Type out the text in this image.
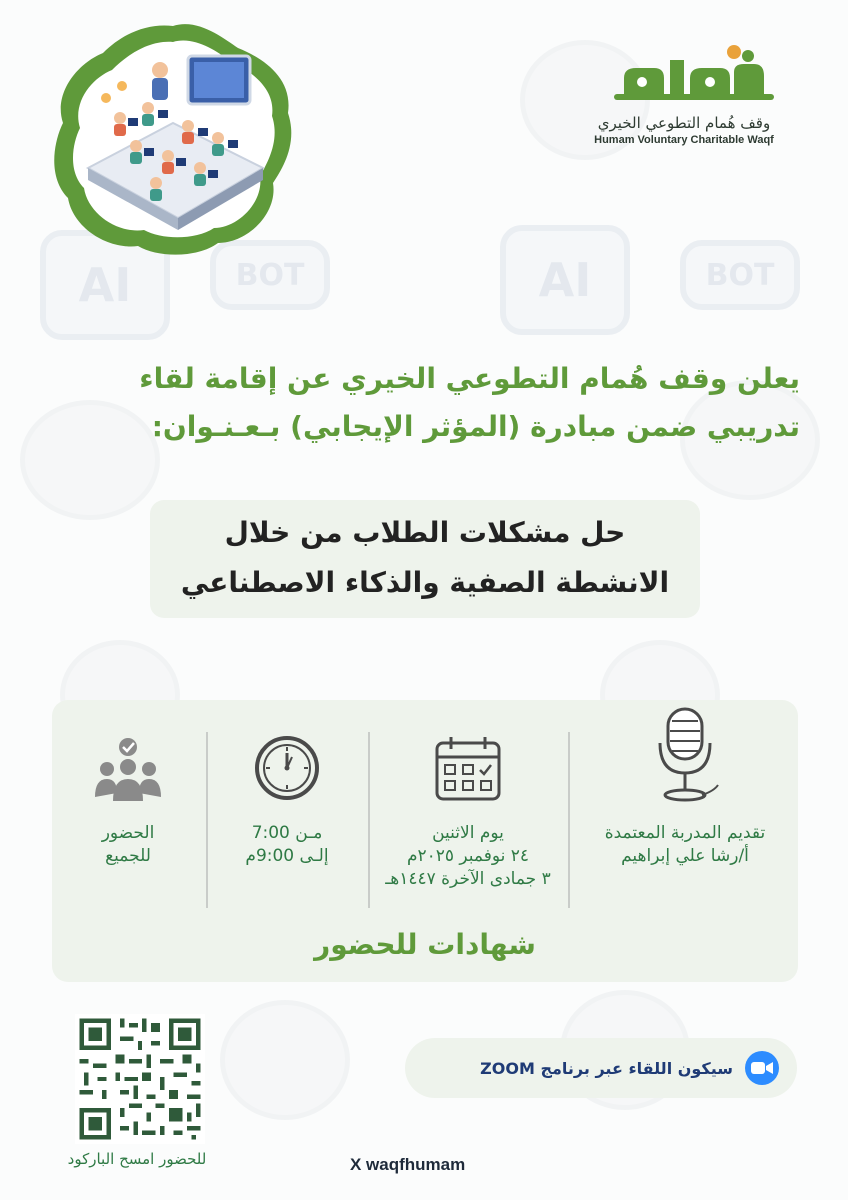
AI	AI
BOT	BOT
وقف هُمام التطوعي الخيري
Humam Voluntary Charitable Waqf
يعلن وقف هُمام التطوعي الخيري عن إقامة لقاء
تدريبي ضمن مبادرة (المؤثر الإيجابي) بـعـنـوان:
حل مشكلات الطلاب من خلال
الانشطة الصفية والذكاء الاصطناعي
تقديم المدربة المعتمدة
أ/رشا علي إبراهيم
يوم الاثنين
٢٤ نوفمبر ٢٠٢٥م
٣ جمادى الآخرة ١٤٤٧هـ
مـن 7:00
إلـى 9:00م
الحضور
للجميع
شهادات للحضور
للحضور امسح الباركود
سيكون اللقاء عبر برنامج ZOOM
X waqfhumam
